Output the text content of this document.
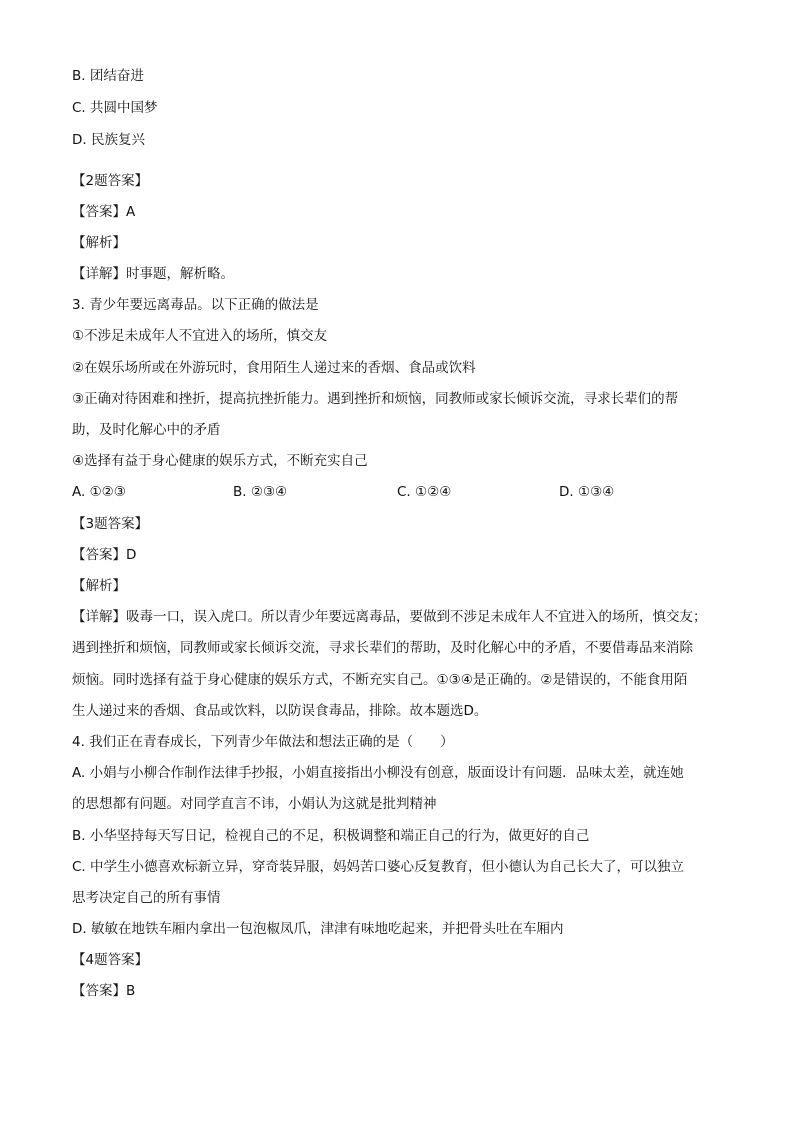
B. 团结奋进
C. 共圆中国梦
D. 民族复兴
【2题答案】
【答案】A
【解析】
【详解】时事题，解析略。
3. 青少年要远离毒品。以下正确的做法是
①不涉足未成年人不宜进入的场所，慎交友
②在娱乐场所或在外游玩时，食用陌生人递过来的香烟、食品或饮料
③正确对待困难和挫折，提高抗挫折能力。遇到挫折和烦恼，同教师或家长倾诉交流，寻求长辈们的帮
助，及时化解心中的矛盾
④选择有益于身心健康的娱乐方式，不断充实自己
A. ①②③	B. ②③④	C. ①②④	D. ①③④
【3题答案】
【答案】D
【解析】
【详解】吸毒一口，误入虎口。所以青少年要远离毒品，要做到不涉足未成年人不宜进入的场所，慎交友；
遇到挫折和烦恼，同教师或家长倾诉交流，寻求长辈们的帮助，及时化解心中的矛盾，不要借毒品来消除
烦恼。同时选择有益于身心健康的娱乐方式，不断充实自己。①③④是正确的。②是错误的，不能食用陌
生人递过来的香烟、食品或饮料，以防误食毒品，排除。故本题选D。
4. 我们正在青春成长，下列青少年做法和想法正确的是（　　）
A. 小娟与小柳合作制作法律手抄报，小娟直接指出小柳没有创意，版面设计有问题．品味太差，就连她
的思想都有问题。对同学直言不讳，小娟认为这就是批判精神
B. 小华坚持每天写日记，检视自己的不足，积极调整和端正自己的行为，做更好的自己
C. 中学生小德喜欢标新立异，穿奇装异服，妈妈苦口婆心反复教育，但小德认为自己长大了，可以独立
思考决定自己的所有事情
D. 敏敏在地铁车厢内拿出一包泡椒凤爪，津津有味地吃起来，并把骨头吐在车厢内
【4题答案】
【答案】B
